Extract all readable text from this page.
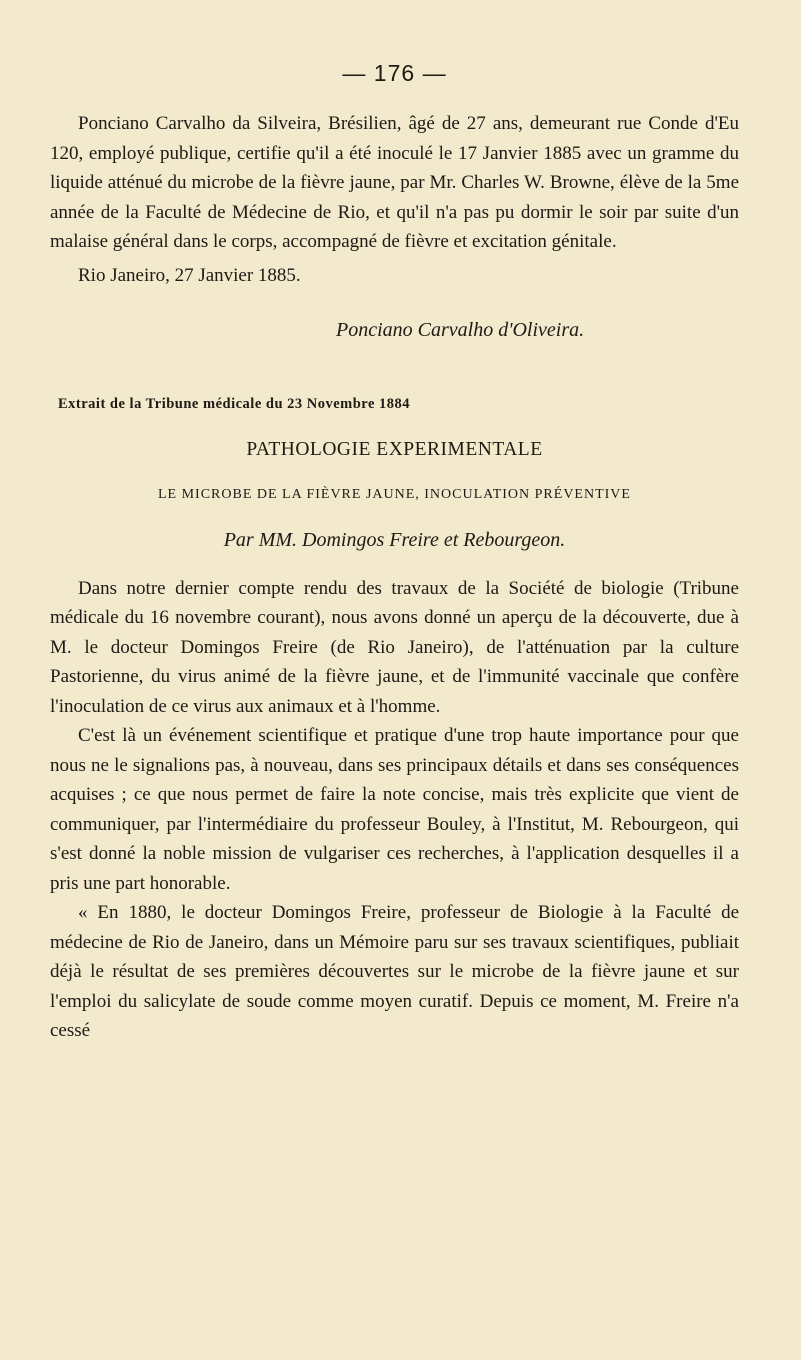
— 176 —

Ponciano Carvalho da Silveira, Brésilien, âgé de 27 ans, demeurant rue Conde d'Eu 120, employé publique, certifie qu'il a été inoculé le 17 Janvier 1885 avec un gramme du liquide atténué du microbe de la fièvre jaune, par Mr. Charles W. Browne, élève de la 5me année de la Faculté de Médecine de Rio, et qu'il n'a pas pu dormir le soir par suite d'un malaise général dans le corps, accompagné de fièvre et excitation génitale.

Rio Janeiro, 27 Janvier 1885.

Ponciano Carvalho d'Oliveira.

Extrait de la Tribune médicale du 23 Novembre 1884

PATHOLOGIE EXPERIMENTALE

LE MICROBE DE LA FIÈVRE JAUNE, INOCULATION PRÉVENTIVE

Par MM. Domingos Freire et Rebourgeon.

Dans notre dernier compte rendu des travaux de la Société de biologie (Tribune médicale du 16 novembre courant), nous avons donné un aperçu de la découverte, due à M. le docteur Domingos Freire (de Rio Janeiro), de l'atténuation par la culture Pastorienne, du virus animé de la fièvre jaune, et de l'immunité vaccinale que confère l'inoculation de ce virus aux animaux et à l'homme.

C'est là un événement scientifique et pratique d'une trop haute importance pour que nous ne le signalions pas, à nouveau, dans ses principaux détails et dans ses conséquences acquises ; ce que nous permet de faire la note concise, mais très explicite que vient de communiquer, par l'intermédiaire du professeur Bouley, à l'Institut, M. Rebourgeon, qui s'est donné la noble mission de vulgariser ces recherches, à l'application desquelles il a pris une part honorable.

« En 1880, le docteur Domingos Freire, professeur de Biologie à la Faculté de médecine de Rio de Janeiro, dans un Mémoire paru sur ses travaux scientifiques, publiait déjà le résultat de ses premières découvertes sur le microbe de la fièvre jaune et sur l'emploi du salicylate de soude comme moyen curatif. Depuis ce moment, M. Freire n'a cessé
